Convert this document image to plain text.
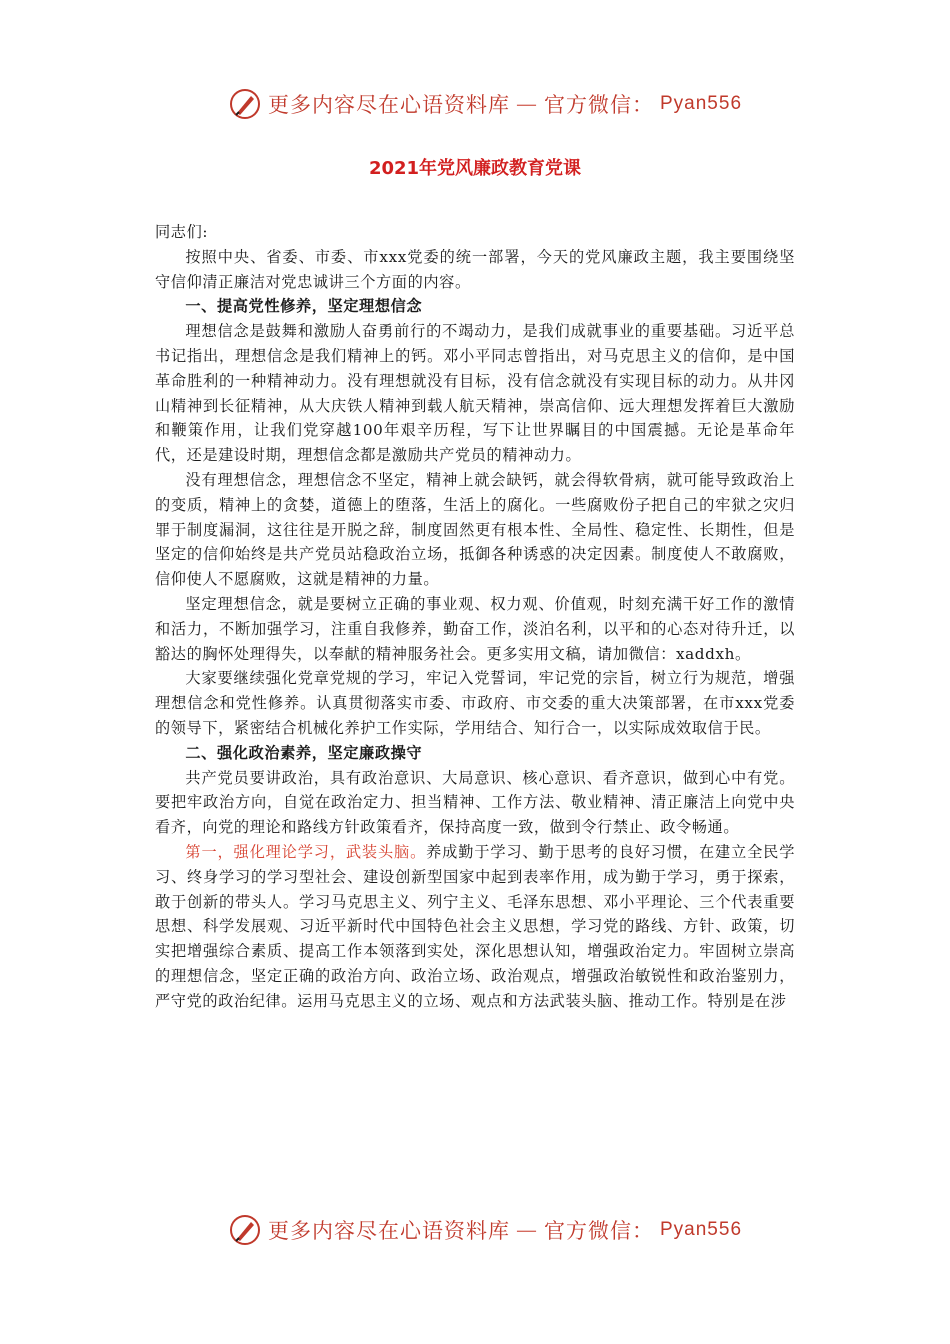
更多内容尽在心语资料库 — 官方微信： Pyan556
2021年党风廉政教育党课

同志们:

按照中央、省委、市委、市xxx党委的统一部署，今天的党风廉政主题，我主要围绕坚守信仰清正廉洁对党忠诚讲三个方面的内容。

一、提高党性修养，坚定理想信念

理想信念是鼓舞和激励人奋勇前行的不竭动力，是我们成就事业的重要基础。习近平总书记指出，理想信念是我们精神上的钙。邓小平同志曾指出，对马克思主义的信仰，是中国革命胜利的一种精神动力。没有理想就没有目标，没有信念就没有实现目标的动力。从井冈山精神到长征精神，从大庆铁人精神到载人航天精神，崇高信仰、远大理想发挥着巨大激励和鞭策作用，让我们党穿越100年艰辛历程，写下让世界瞩目的中国震撼。无论是革命年代，还是建设时期，理想信念都是激励共产党员的精神动力。

没有理想信念，理想信念不坚定，精神上就会缺钙，就会得软骨病，就可能导致政治上的变质，精神上的贪婪，道德上的堕落，生活上的腐化。一些腐败份子把自己的牢狱之灾归罪于制度漏洞，这往往是开脱之辞，制度固然更有根本性、全局性、稳定性、长期性，但是坚定的信仰始终是共产党员站稳政治立场，抵御各种诱惑的决定因素。制度使人不敢腐败，信仰使人不愿腐败，这就是精神的力量。

坚定理想信念，就是要树立正确的事业观、权力观、价值观，时刻充满干好工作的激情和活力，不断加强学习，注重自我修养，勤奋工作，淡泊名利，以平和的心态对待升迁，以豁达的胸怀处理得失，以奉献的精神服务社会。更多实用文稿，请加微信：xaddxh。

大家要继续强化党章党规的学习，牢记入党誓词，牢记党的宗旨，树立行为规范，增强理想信念和党性修养。认真贯彻落实市委、市政府、市交委的重大决策部署，在市xxx党委的领导下，紧密结合机械化养护工作实际，学用结合、知行合一，以实际成效取信于民。

二、强化政治素养，坚定廉政操守

共产党员要讲政治，具有政治意识、大局意识、核心意识、看齐意识，做到心中有党。要把牢政治方向，自觉在政治定力、担当精神、工作方法、敬业精神、清正廉洁上向党中央看齐，向党的理论和路线方针政策看齐，保持高度一致，做到令行禁止、政令畅通。

第一，强化理论学习，武装头脑。养成勤于学习、勤于思考的良好习惯，在建立全民学习、终身学习的学习型社会、建设创新型国家中起到表率作用，成为勤于学习，勇于探索，敢于创新的带头人。学习马克思主义、列宁主义、毛泽东思想、邓小平理论、三个代表重要思想、科学发展观、习近平新时代中国特色社会主义思想，学习党的路线、方针、政策，切实把增强综合素质、提高工作本领落到实处，深化思想认知，增强政治定力。牢固树立崇高的理想信念，坚定正确的政治方向、政治立场、政治观点，增强政治敏锐性和政治鉴别力，严守党的政治纪律。运用马克思主义的立场、观点和方法武装头脑、推动工作。特别是在涉

更多内容尽在心语资料库 — 官方微信： Pyan556
